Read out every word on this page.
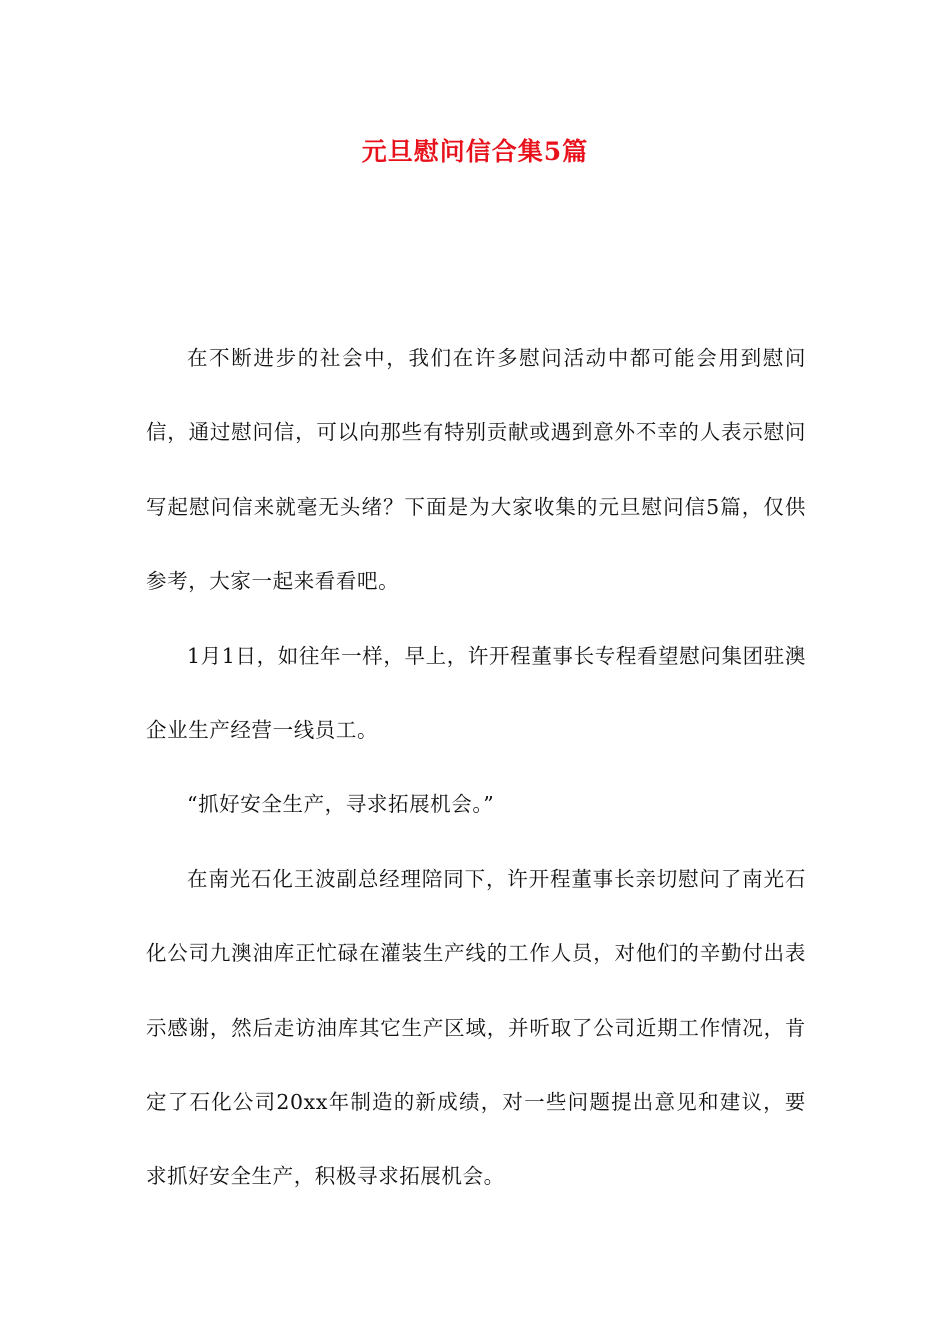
元旦慰问信合集5篇

在不断进步的社会中，我们在许多慰问活动中都可能会用到慰问信，通过慰问信，可以向那些有特别贡献或遇到意外不幸的人表示慰问写起慰问信来就毫无头绪？下面是为大家收集的元旦慰问信5篇，仅供参考，大家一起来看看吧。

1月1日，如往年一样，早上，许开程董事长专程看望慰问集团驻澳企业生产经营一线员工。

“抓好安全生产，寻求拓展机会。”

在南光石化王波副总经理陪同下，许开程董事长亲切慰问了南光石化公司九澳油库正忙碌在灌装生产线的工作人员，对他们的辛勤付出表示感谢，然后走访油库其它生产区域，并听取了公司近期工作情况，肯定了石化公司20xx年制造的新成绩，对一些问题提出意见和建议，要求抓好安全生产，积极寻求拓展机会。
